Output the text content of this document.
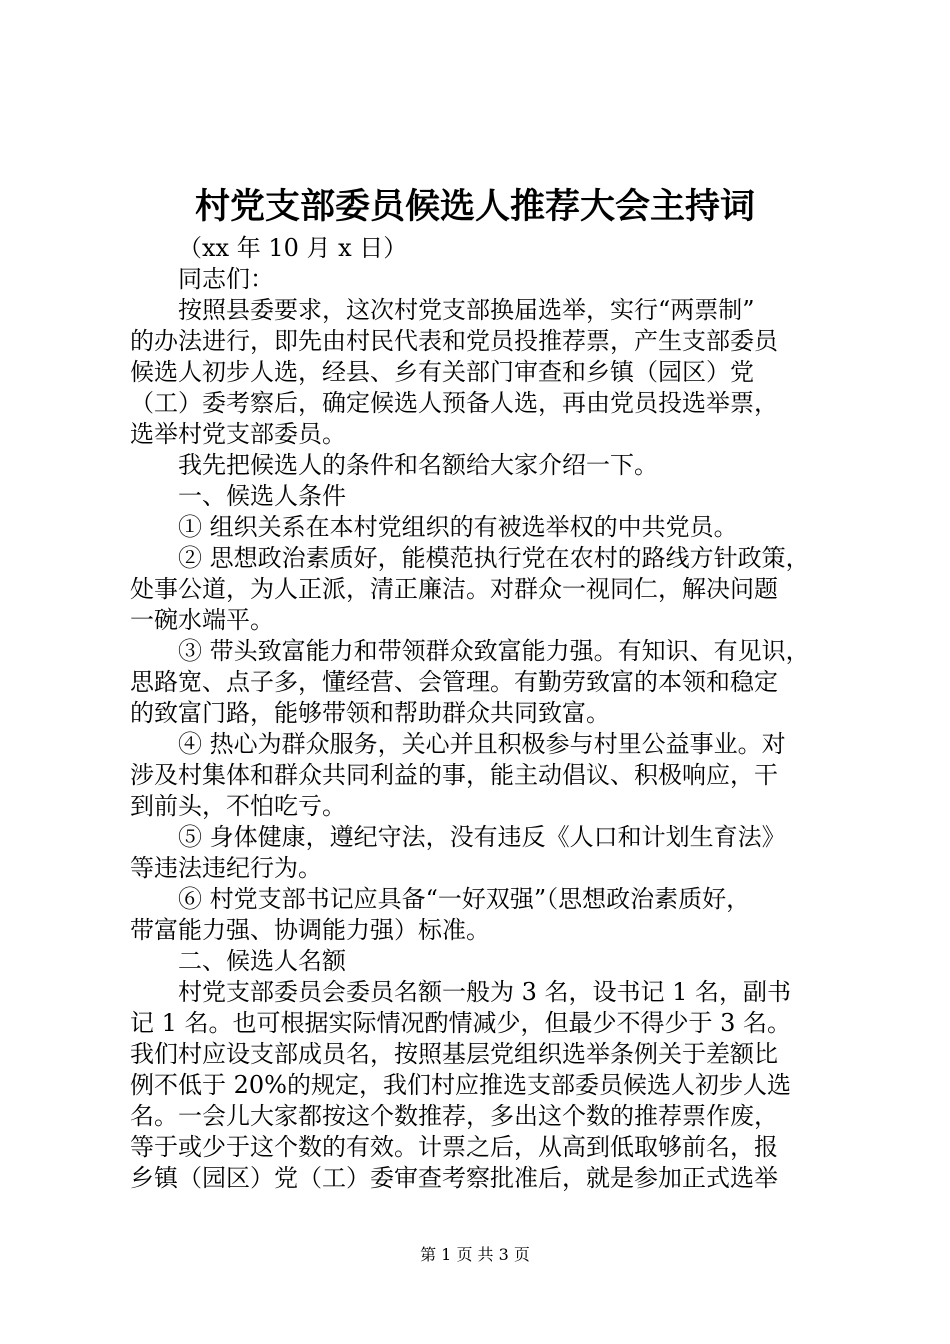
村党支部委员候选人推荐大会主持词
（xx 年 10 月 x 日）
同志们：
按照县委要求，这次村党支部换届选举，实行“两票制”
的办法进行，即先由村民代表和党员投推荐票，产生支部委员
候选人初步人选，经县、乡有关部门审查和乡镇（园区）党
（工）委考察后，确定候选人预备人选，再由党员投选举票，
选举村党支部委员。
我先把候选人的条件和名额给大家介绍一下。
一、候选人条件
① 组织关系在本村党组织的有被选举权的中共党员。
② 思想政治素质好，能模范执行党在农村的路线方针政策，
处事公道，为人正派，清正廉洁。对群众一视同仁，解决问题
一碗水端平。
③ 带头致富能力和带领群众致富能力强。有知识、有见识，
思路宽、点子多，懂经营、会管理。有勤劳致富的本领和稳定
的致富门路，能够带领和帮助群众共同致富。
④ 热心为群众服务，关心并且积极参与村里公益事业。对
涉及村集体和群众共同利益的事，能主动倡议、积极响应，干
到前头，不怕吃亏。
⑤ 身体健康，遵纪守法，没有违反《人口和计划生育法》
等违法违纪行为。
⑥ 村党支部书记应具备“一好双强”（思想政治素质好，
带富能力强、协调能力强）标准。
二、候选人名额
村党支部委员会委员名额一般为 3 名，设书记 1 名，副书
记 1 名。也可根据实际情况酌情减少，但最少不得少于 3 名。
我们村应设支部成员名，按照基层党组织选举条例关于差额比
例不低于 20%的规定，我们村应推选支部委员候选人初步人选
名。一会儿大家都按这个数推荐，多出这个数的推荐票作废，
等于或少于这个数的有效。计票之后，从高到低取够前名，报
乡镇（园区）党（工）委审查考察批准后，就是参加正式选举
第 1 页 共 3 页
